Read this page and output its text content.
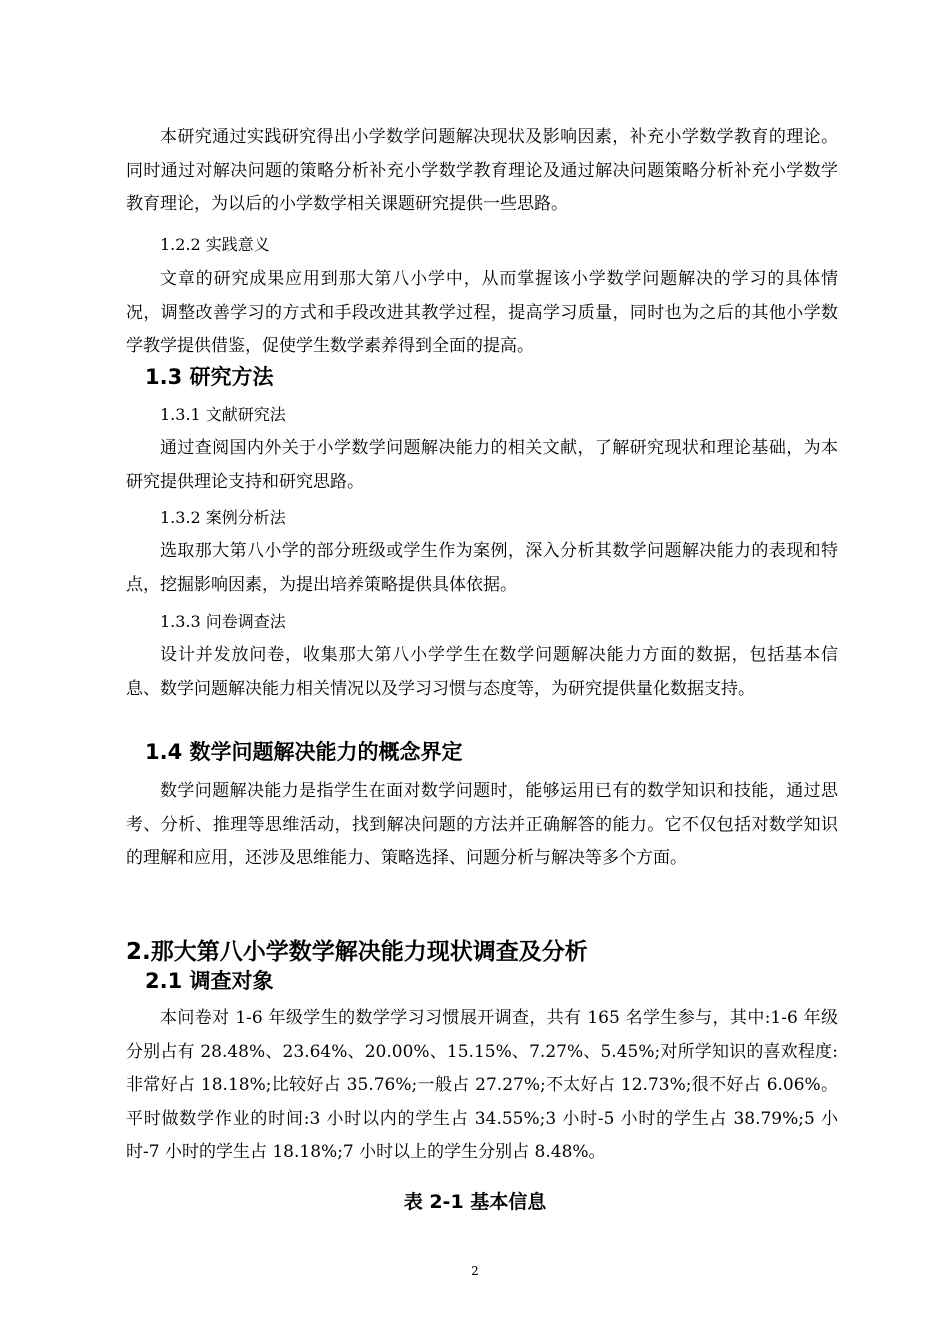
本研究通过实践研究得出小学数学问题解决现状及影响因素，补充小学数学教育的理论。同时通过对解决问题的策略分析补充小学数学教育理论及通过解决问题策略分析补充小学数学教育理论，为以后的小学数学相关课题研究提供一些思路。

1.2.2 实践意义

文章的研究成果应用到那大第八小学中，从而掌握该小学数学问题解决的学习的具体情况，调整改善学习的方式和手段改进其教学过程，提高学习质量，同时也为之后的其他小学数学教学提供借鉴，促使学生数学素养得到全面的提高。

1.3 研究方法

1.3.1 文献研究法

通过查阅国内外关于小学数学问题解决能力的相关文献，了解研究现状和理论基础，为本研究提供理论支持和研究思路。

1.3.2 案例分析法

选取那大第八小学的部分班级或学生作为案例，深入分析其数学问题解决能力的表现和特点，挖掘影响因素，为提出培养策略提供具体依据。

1.3.3 问卷调查法

设计并发放问卷，收集那大第八小学学生在数学问题解决能力方面的数据，包括基本信息、数学问题解决能力相关情况以及学习习惯与态度等，为研究提供量化数据支持。

1.4 数学问题解决能力的概念界定

数学问题解决能力是指学生在面对数学问题时，能够运用已有的数学知识和技能，通过思考、分析、推理等思维活动，找到解决问题的方法并正确解答的能力。它不仅包括对数学知识的理解和应用，还涉及思维能力、策略选择、问题分析与解决等多个方面。

2.那大第八小学数学解决能力现状调查及分析
2.1 调查对象

本问卷对 1-6 年级学生的数学学习习惯展开调查，共有 165 名学生参与，其中:1-6 年级分别占有 28.48%、23.64%、20.00%、15.15%、7.27%、5.45%;对所学知识的喜欢程度:非常好占 18.18%;比较好占 35.76%;一般占 27.27%;不太好占 12.73%;很不好占 6.06%。平时做数学作业的时间:3 小时以内的学生占 34.55%;3 小时-5 小时的学生占 38.79%;5 小时-7 小时的学生占 18.18%;7 小时以上的学生分别占 8.48%。

表 2-1 基本信息

2
